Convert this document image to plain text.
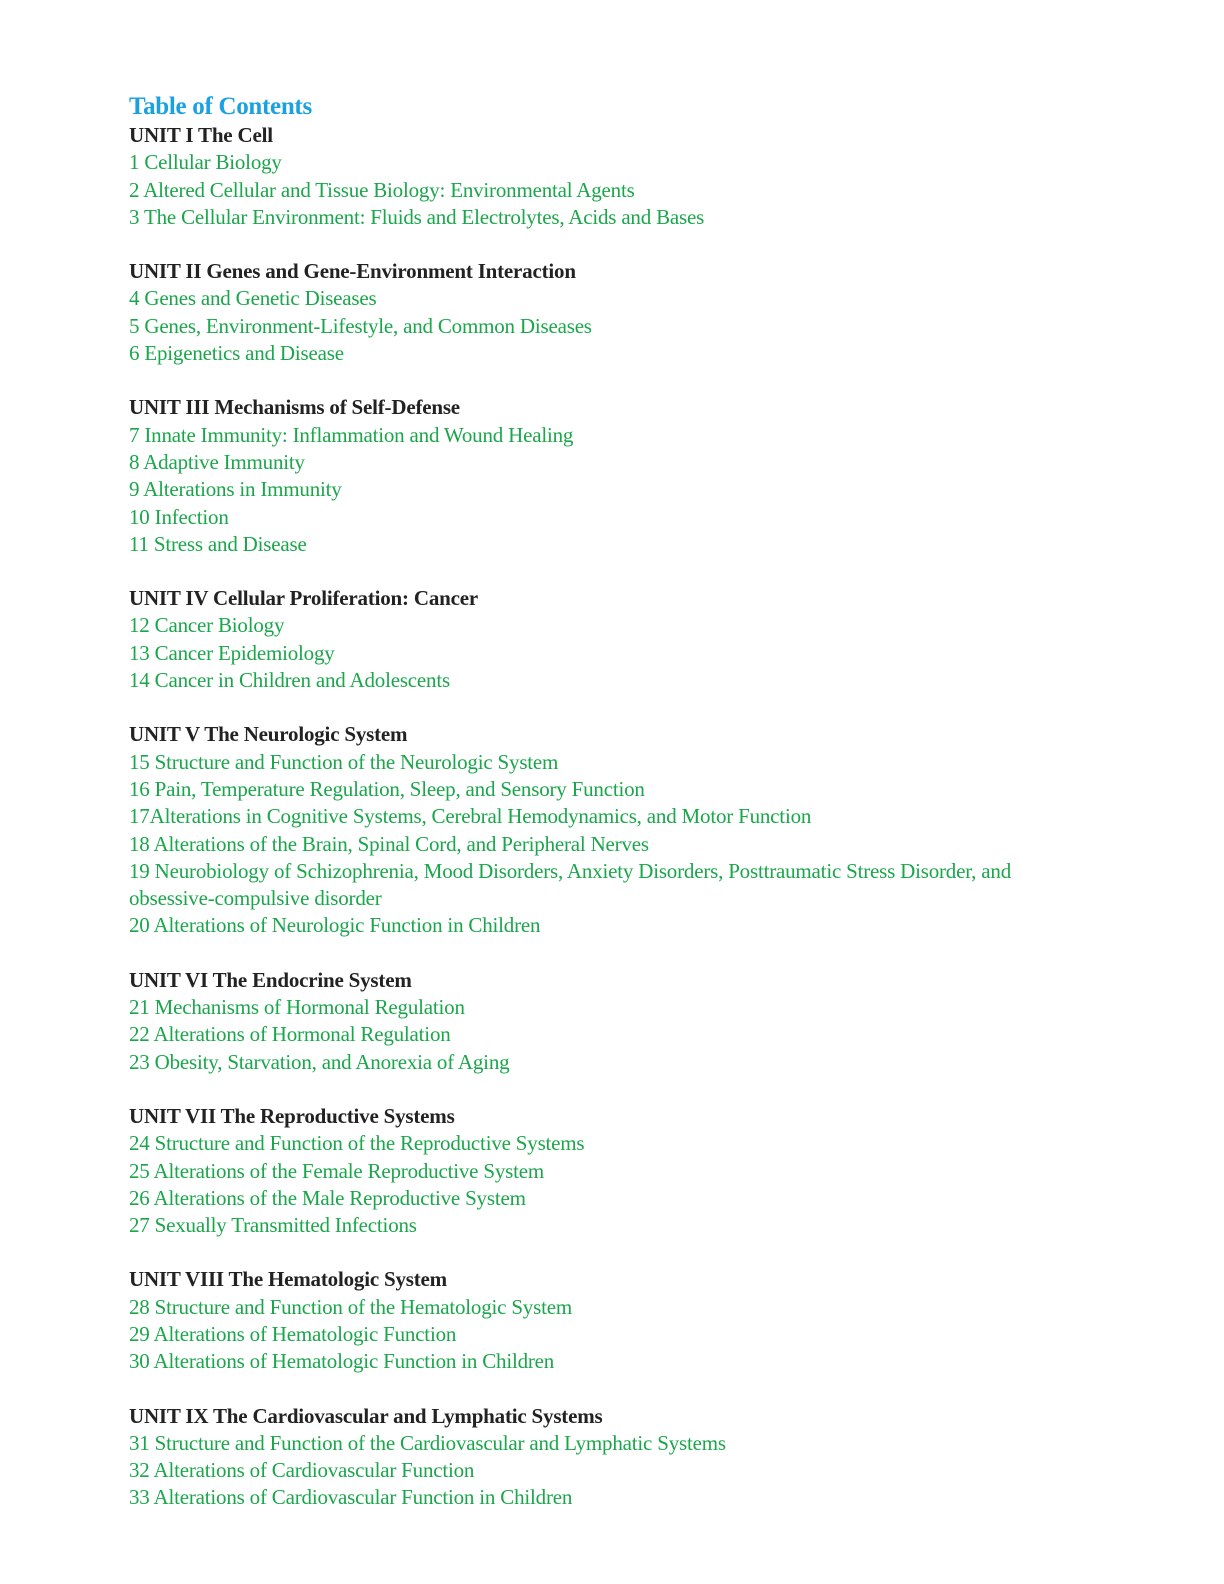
Table of Contents
UNIT I The Cell
1 Cellular Biology
2 Altered Cellular and Tissue Biology: Environmental Agents
3 The Cellular Environment: Fluids and Electrolytes, Acids and Bases
UNIT II Genes and Gene-Environment Interaction
4 Genes and Genetic Diseases
5 Genes, Environment-Lifestyle, and Common Diseases
6 Epigenetics and Disease
UNIT III Mechanisms of Self-Defense
7 Innate Immunity: Inflammation and Wound Healing
8 Adaptive Immunity
9 Alterations in Immunity
10 Infection
11 Stress and Disease
UNIT IV Cellular Proliferation: Cancer
12 Cancer Biology
13 Cancer Epidemiology
14 Cancer in Children and Adolescents
UNIT V The Neurologic System
15 Structure and Function of the Neurologic System
16 Pain, Temperature Regulation, Sleep, and Sensory Function
17Alterations in Cognitive Systems, Cerebral Hemodynamics, and Motor Function
18 Alterations of the Brain, Spinal Cord, and Peripheral Nerves
19 Neurobiology of Schizophrenia, Mood Disorders, Anxiety Disorders, Posttraumatic Stress Disorder, and obsessive-compulsive disorder
20 Alterations of Neurologic Function in Children
UNIT VI The Endocrine System
21 Mechanisms of Hormonal Regulation
22 Alterations of Hormonal Regulation
23 Obesity, Starvation, and Anorexia of Aging
UNIT VII The Reproductive Systems
24 Structure and Function of the Reproductive Systems
25 Alterations of the Female Reproductive System
26 Alterations of the Male Reproductive System
27 Sexually Transmitted Infections
UNIT VIII The Hematologic System
28 Structure and Function of the Hematologic System
29 Alterations of Hematologic Function
30 Alterations of Hematologic Function in Children
UNIT IX The Cardiovascular and Lymphatic Systems
31 Structure and Function of the Cardiovascular and Lymphatic Systems
32 Alterations of Cardiovascular Function
33 Alterations of Cardiovascular Function in Children
